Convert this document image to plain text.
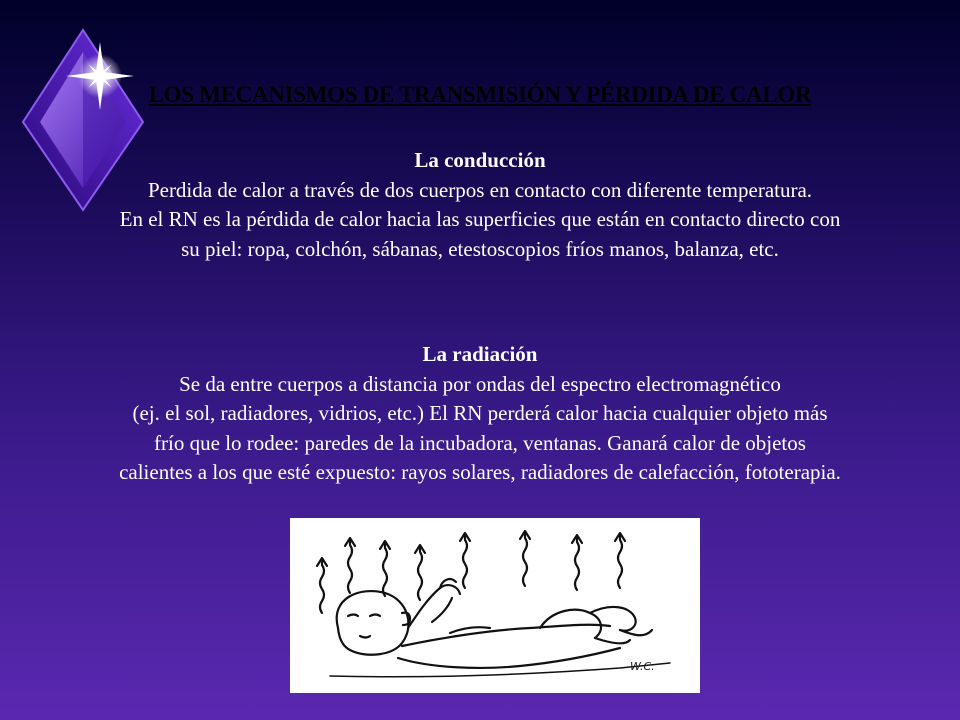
LOS MECANISMOS DE TRANSMISIÓN Y PÉRDIDA DE CALOR
La conducción
Perdida de calor a través de dos cuerpos en contacto con diferente temperatura.
En el RN es la pérdida de calor hacia las superficies que están en contacto directo con
su piel: ropa, colchón, sábanas, etestoscopios fríos manos, balanza, etc.
La radiación
Se da entre cuerpos a distancia por ondas del espectro electromagnético
(ej. el sol, radiadores, vidrios, etc.) El RN perderá calor hacia cualquier objeto más
frío que lo rodee: paredes de la incubadora, ventanas. Ganará calor de objetos
calientes a los que esté expuesto: rayos solares, radiadores de calefacción, fototerapia.
W.C.
